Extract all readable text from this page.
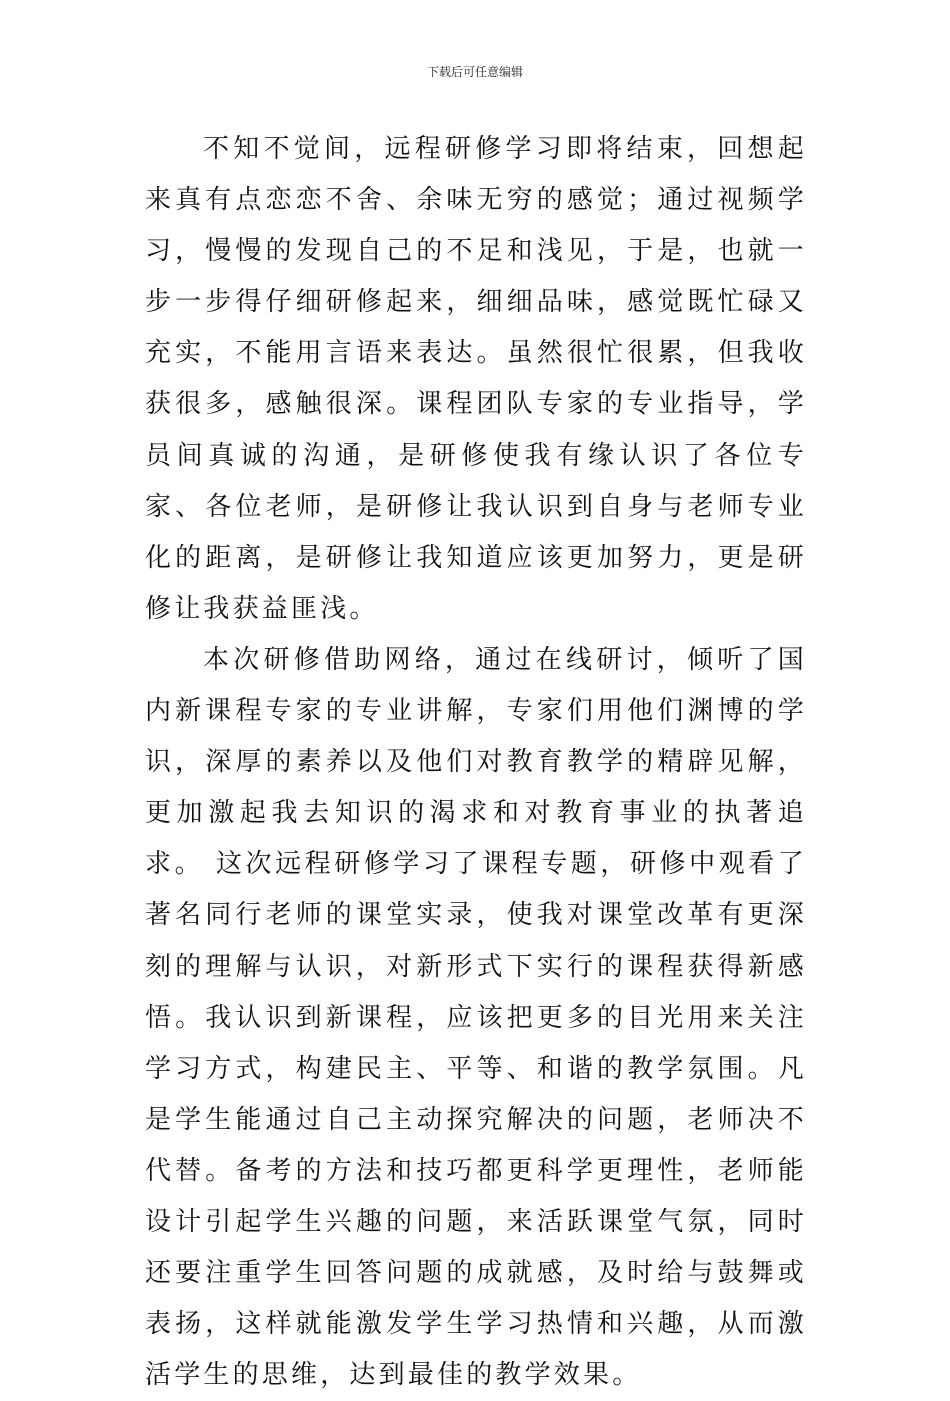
下载后可任意编辑

不知不觉间，远程研修学习即将结束，回想起来真有点恋恋不舍、余味无穷的感觉；通过视频学习，慢慢的发现自己的不足和浅见，于是，也就一步一步得仔细研修起来，细细品味，感觉既忙碌又充实，不能用言语来表达。虽然很忙很累，但我收获很多，感触很深。课程团队专家的专业指导，学员间真诚的沟通，是研修使我有缘认识了各位专家、各位老师，是研修让我认识到自身与老师专业化的距离，是研修让我知道应该更加努力，更是研修让我获益匪浅。

本次研修借助网络，通过在线研讨，倾听了国内新课程专家的专业讲解，专家们用他们渊博的学识，深厚的素养以及他们对教育教学的精辟见解，更加激起我去知识的渴求和对教育事业的执著追求。 这次远程研修学习了课程专题，研修中观看了著名同行老师的课堂实录，使我对课堂改革有更深刻的理解与认识，对新形式下实行的课程获得新感悟。我认识到新课程，应该把更多的目光用来关注学习方式，构建民主、平等、和谐的教学氛围。凡是学生能通过自己主动探究解决的问题，老师决不代替。备考的方法和技巧都更科学更理性，老师能设计引起学生兴趣的问题，来活跃课堂气氛，同时还要注重学生回答问题的成就感，及时给与鼓舞或表扬，这样就能激发学生学习热情和兴趣，从而激活学生的思维，达到最佳的教学效果。
